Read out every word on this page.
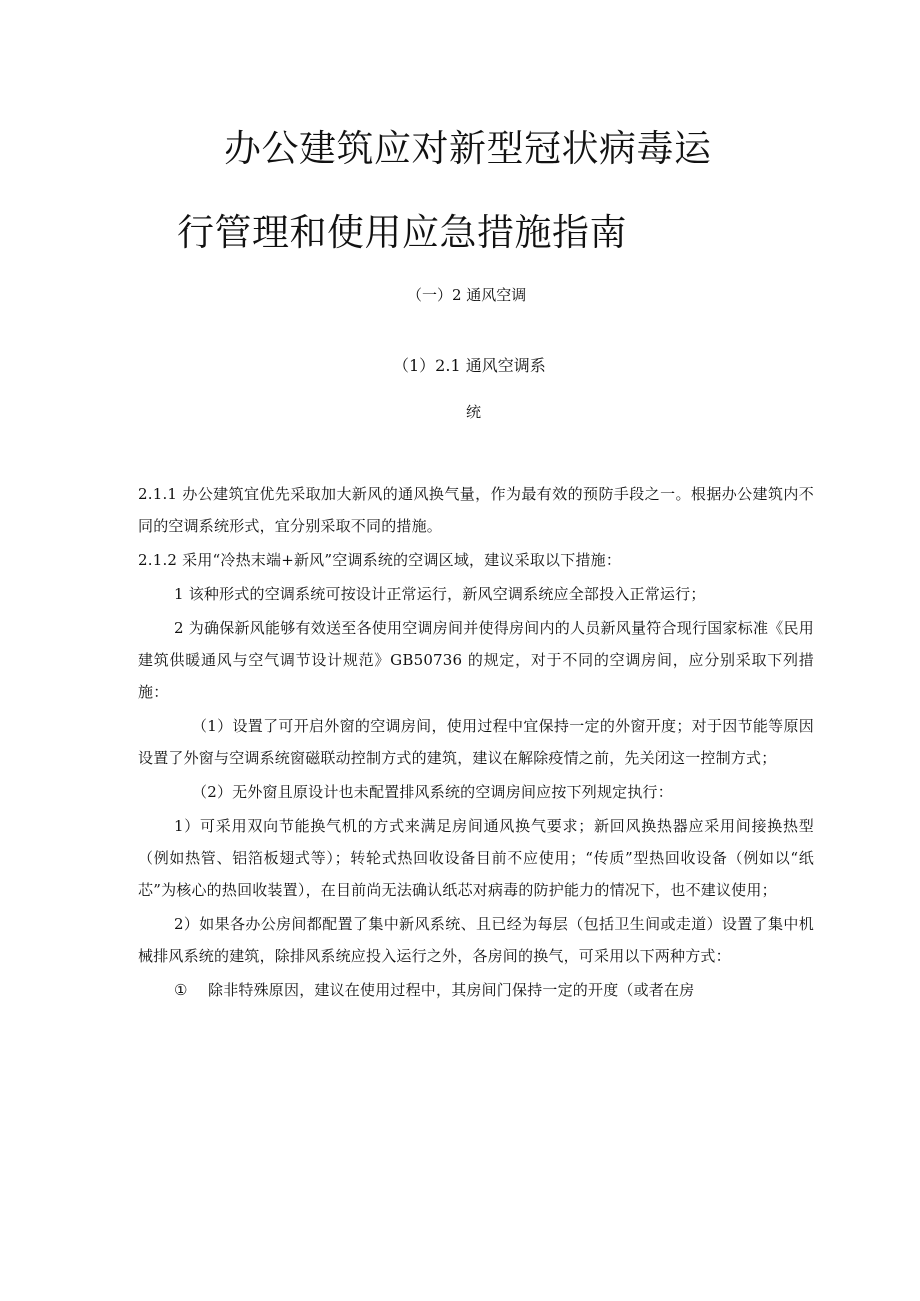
办公建筑应对新型冠状病毒运
行管理和使用应急措施指南
（一）2 通风空调
（1）2.1 通风空调系
统

2.1.1 办公建筑宜优先采取加大新风的通风换气量，作为最有效的预防手段之一。根据办公建筑内不同的空调系统形式，宜分别采取不同的措施。

2.1.2 采用“冷热末端+新风”空调系统的空调区域，建议采取以下措施：

1 该种形式的空调系统可按设计正常运行，新风空调系统应全部投入正常运行；

2 为确保新风能够有效送至各使用空调房间并使得房间内的人员新风量符合现行国家标准《民用建筑供暖通风与空气调节设计规范》GB50736 的规定，对于不同的空调房间，应分别采取下列措施：

（1）设置了可开启外窗的空调房间，使用过程中宜保持一定的外窗开度；对于因节能等原因设置了外窗与空调系统窗磁联动控制方式的建筑，建议在解除疫情之前，先关闭这一控制方式；

（2）无外窗且原设计也未配置排风系统的空调房间应按下列规定执行：

1）可采用双向节能换气机的方式来满足房间通风换气要求；新回风换热器应采用间接换热型（例如热管、铝箔板翅式等）；转轮式热回收设备目前不应使用；“传质”型热回收设备（例如以“纸芯”为核心的热回收装置），在目前尚无法确认纸芯对病毒的防护能力的情况下，也不建议使用；

2）如果各办公房间都配置了集中新风系统、且已经为每层（包括卫生间或走道）设置了集中机械排风系统的建筑，除排风系统应投入运行之外，各房间的换气，可采用以下两种方式：

① 除非特殊原因，建议在使用过程中，其房间门保持一定的开度（或者在房
